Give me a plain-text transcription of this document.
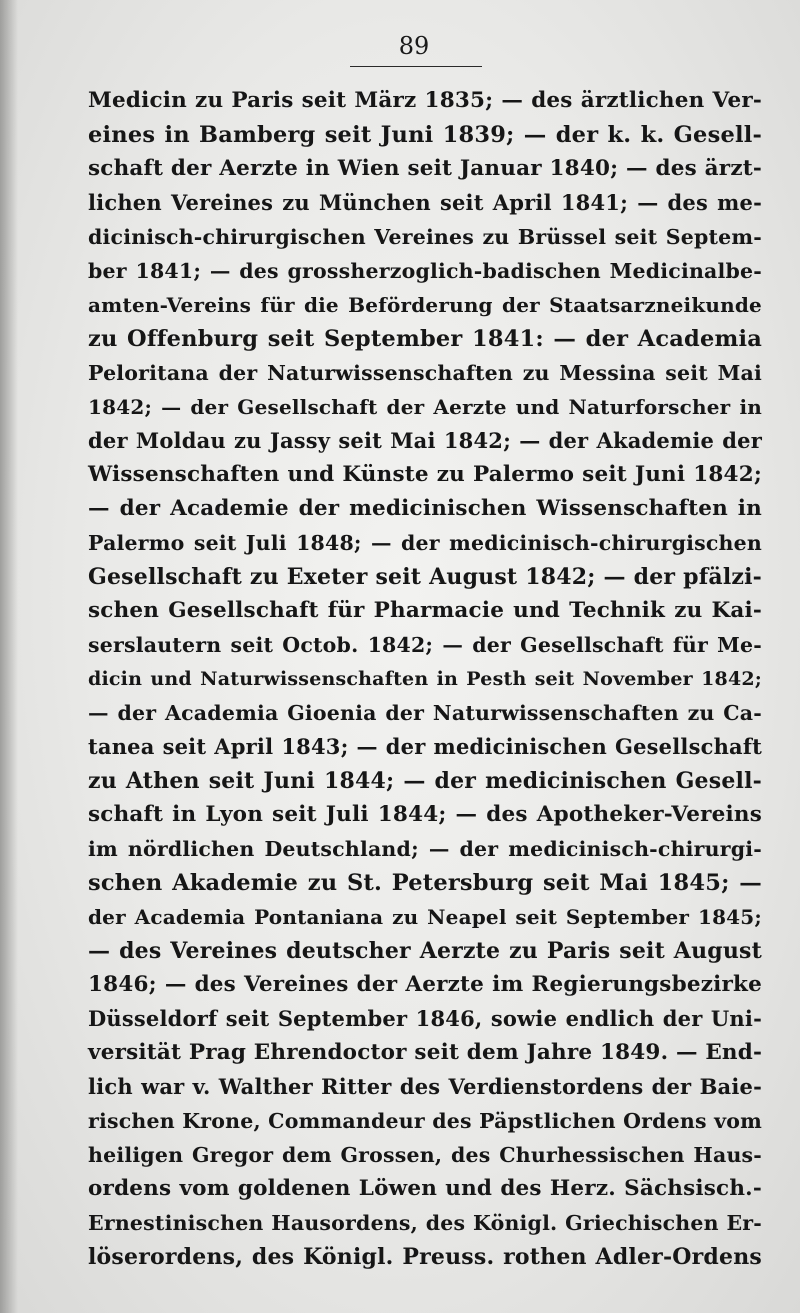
89
Medicin zu Paris seit März 1835; — des ärztlichen Ver-
eines in Bamberg seit Juni 1839; — der k. k. Gesell-
schaft der Aerzte in Wien seit Januar 1840; — des ärzt-
lichen Vereines zu München seit April 1841; — des me-
dicinisch-chirurgischen Vereines zu Brüssel seit Septem-
ber 1841; — des grossherzoglich-badischen Medicinalbe-
amten-Vereins für die Beförderung der Staatsarzneikunde
zu Offenburg seit September 1841: — der Academia
Peloritana der Naturwissenschaften zu Messina seit Mai
1842; — der Gesellschaft der Aerzte und Naturforscher in
der Moldau zu Jassy seit Mai 1842; — der Akademie der
Wissenschaften und Künste zu Palermo seit Juni 1842;
— der Academie der medicinischen Wissenschaften in
Palermo seit Juli 1848; — der medicinisch-chirurgischen
Gesellschaft zu Exeter seit August 1842; — der pfälzi-
schen Gesellschaft für Pharmacie und Technik zu Kai-
serslautern seit Octob. 1842; — der Gesellschaft für Me-
dicin und Naturwissenschaften in Pesth seit November 1842;
— der Academia Gioenia der Naturwissenschaften zu Ca-
tanea seit April 1843; — der medicinischen Gesellschaft
zu Athen seit Juni 1844; — der medicinischen Gesell-
schaft in Lyon seit Juli 1844; — des Apotheker-Vereins
im nördlichen Deutschland; — der medicinisch-chirurgi-
schen Akademie zu St. Petersburg seit Mai 1845; —
der Academia Pontaniana zu Neapel seit September 1845;
— des Vereines deutscher Aerzte zu Paris seit August
1846; — des Vereines der Aerzte im Regierungsbezirke
Düsseldorf seit September 1846, sowie endlich der Uni-
versität Prag Ehrendoctor seit dem Jahre 1849. — End-
lich war v. Walther Ritter des Verdienstordens der Baie-
rischen Krone, Commandeur des Päpstlichen Ordens vom
heiligen Gregor dem Grossen, des Churhessischen Haus-
ordens vom goldenen Löwen und des Herz. Sächsisch.-
Ernestinischen Hausordens, des Königl. Griechischen Er-
löserordens, des Königl. Preuss. rothen Adler-Ordens
